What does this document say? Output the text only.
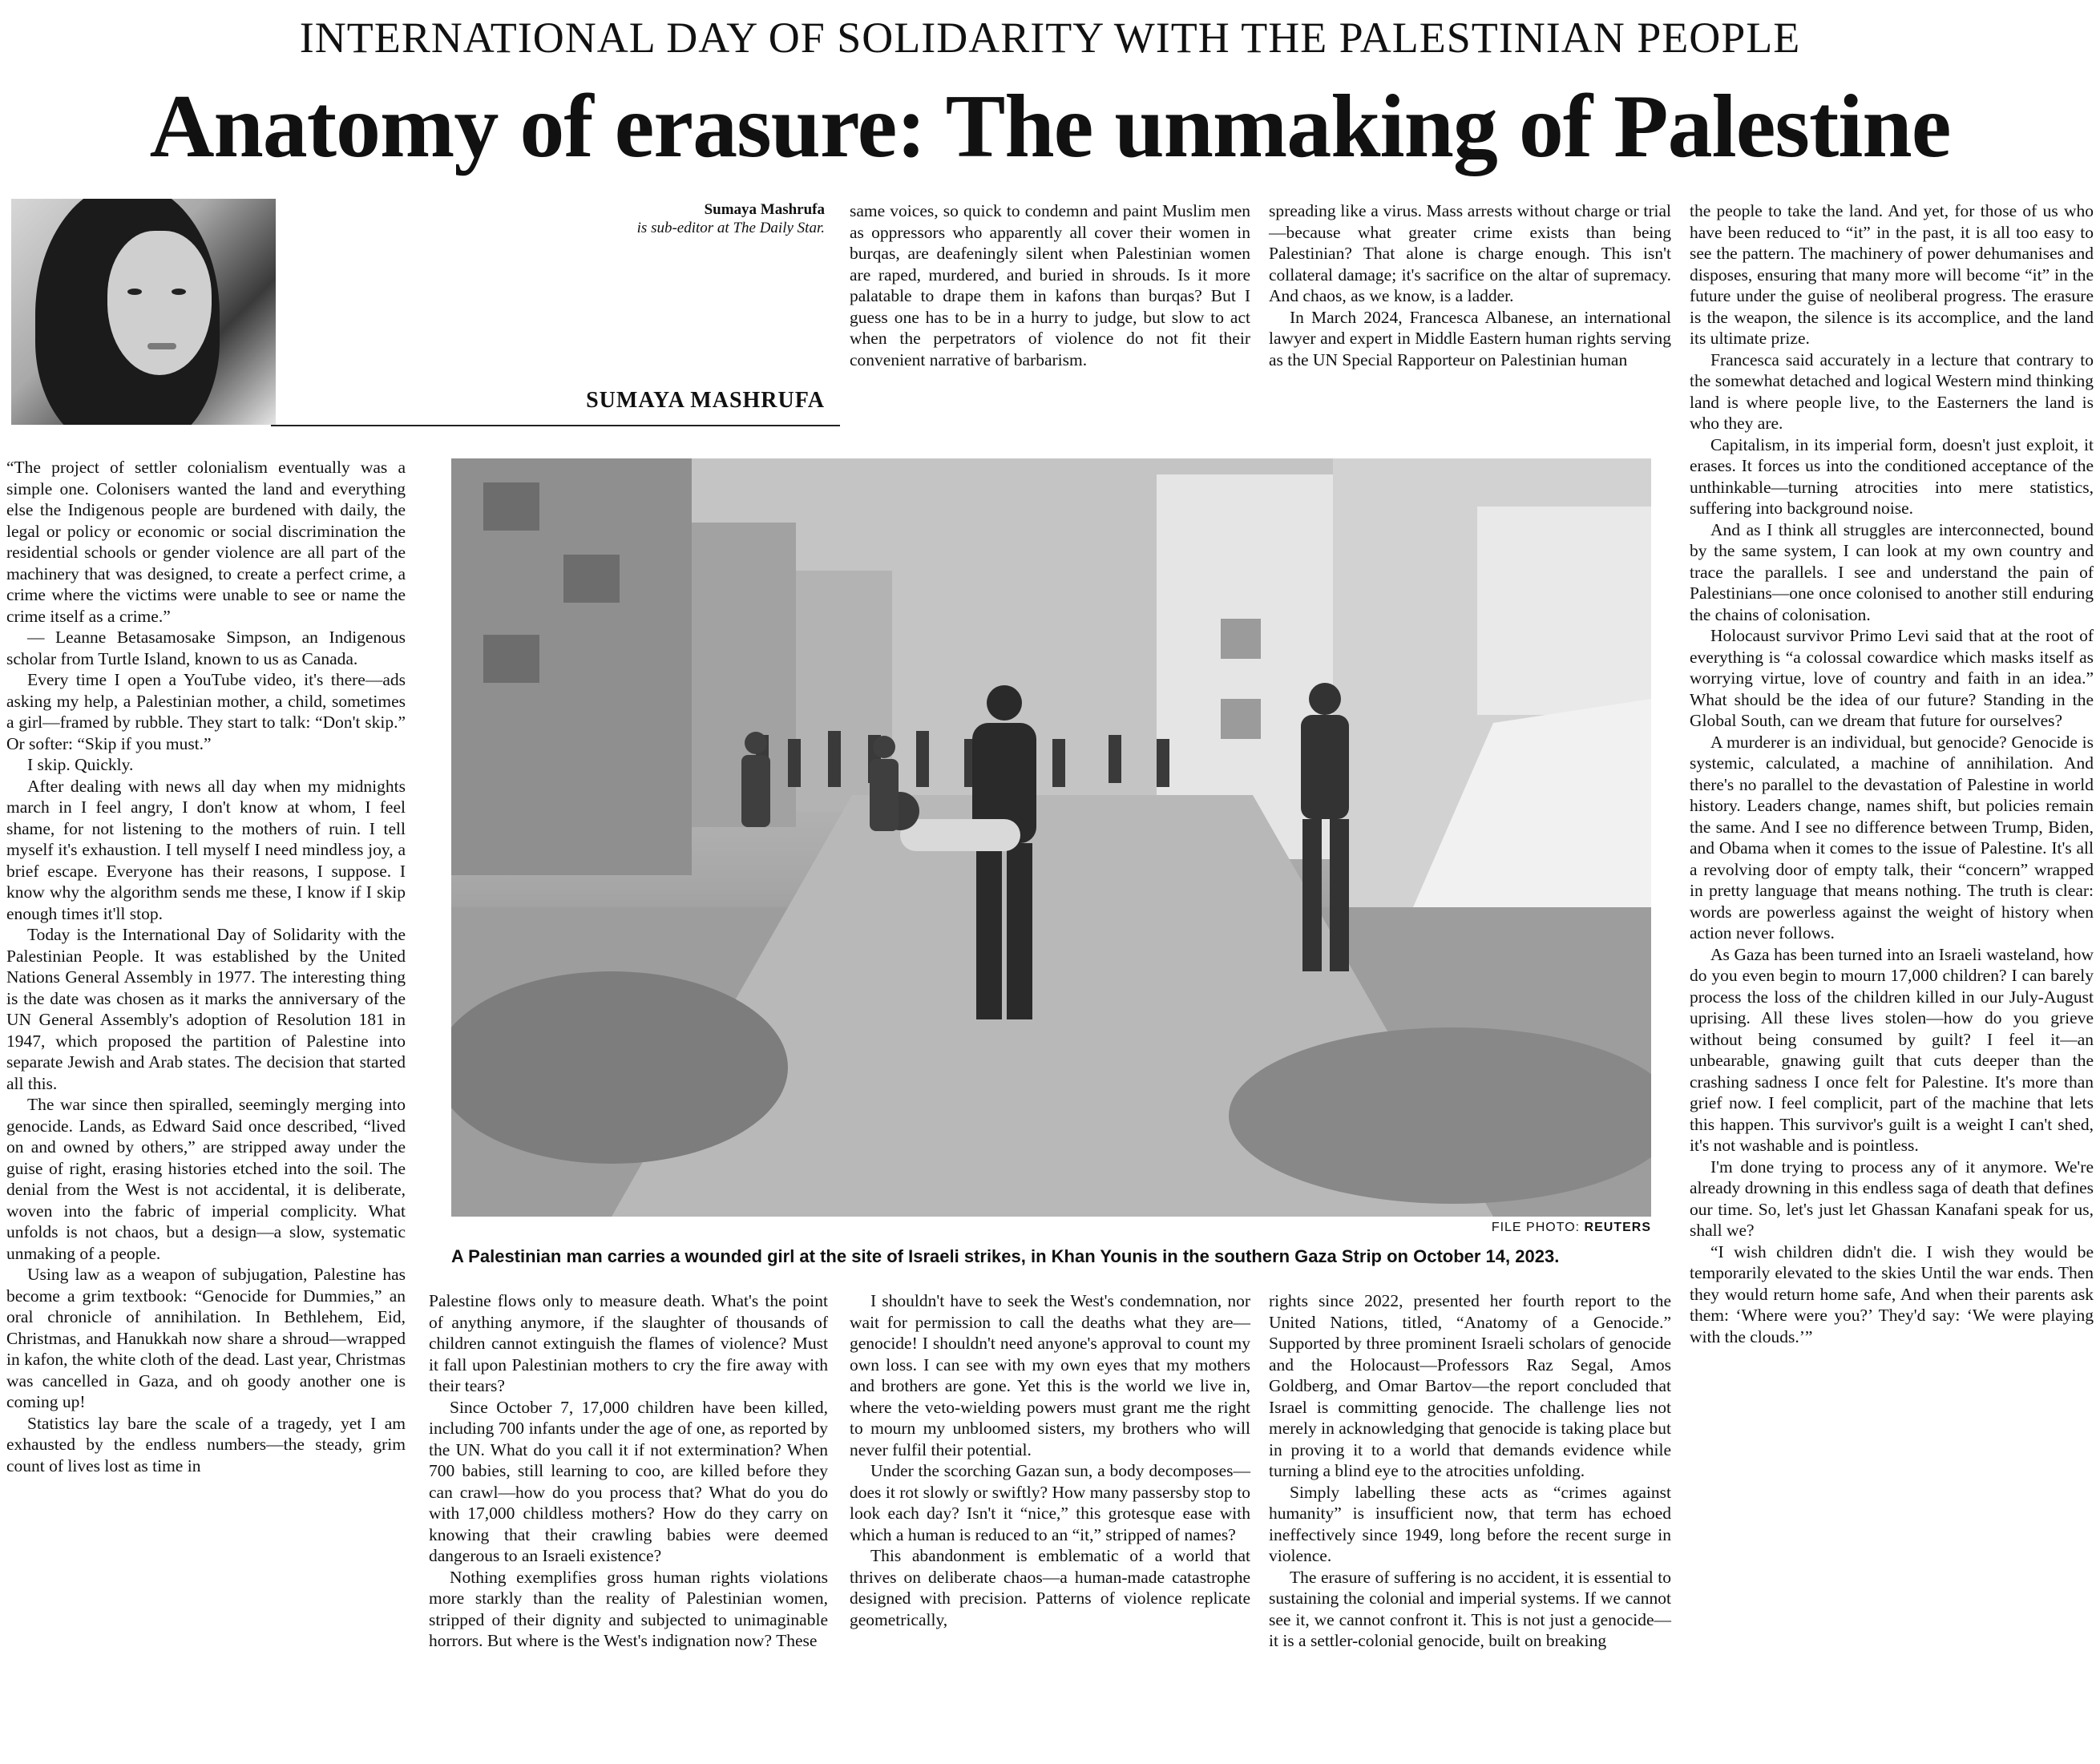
INTERNATIONAL DAY OF SOLIDARITY WITH THE PALESTINIAN PEOPLE
Anatomy of erasure: The unmaking of Palestine
Sumaya Mashrufa
is sub-editor at The Daily Star.
SUMAYA MASHRUFA

“The project of settler colonialism eventually was a simple one. Colonisers wanted the land and everything else the Indigenous people are burdened with daily, the legal or policy or economic or social discrimination the residential schools or gender violence are all part of the machinery that was designed, to create a perfect crime, a crime where the victims were unable to see or name the crime itself as a crime.”

— Leanne Betasamosake Simpson, an Indigenous scholar from Turtle Island, known to us as Canada.

Every time I open a YouTube video, it's there—ads asking my help, a Palestinian mother, a child, sometimes a girl—framed by rubble. They start to talk: “Don't skip.” Or softer: “Skip if you must.”

I skip. Quickly.

After dealing with news all day when my midnights march in I feel angry, I don't know at whom, I feel shame, for not listening to the mothers of ruin. I tell myself it's exhaustion. I tell myself I need mindless joy, a brief escape. Everyone has their reasons, I suppose. I know why the algorithm sends me these, I know if I skip enough times it'll stop.

Today is the International Day of Solidarity with the Palestinian People. It was established by the United Nations General Assembly in 1977. The interesting thing is the date was chosen as it marks the anniversary of the UN General Assembly's adoption of Resolution 181 in 1947, which proposed the partition of Palestine into separate Jewish and Arab states. The decision that started all this.

The war since then spiralled, seemingly merging into genocide. Lands, as Edward Said once described, “lived on and owned by others,” are stripped away under the guise of right, erasing histories etched into the soil. The denial from the West is not accidental, it is deliberate, woven into the fabric of imperial complicity. What unfolds is not chaos, but a design—a slow, systematic unmaking of a people.

Using law as a weapon of subjugation, Palestine has become a grim textbook: “Genocide for Dummies,” an oral chronicle of annihilation. In Bethlehem, Eid, Christmas, and Hanukkah now share a shroud—wrapped in kafon, the white cloth of the dead. Last year, Christmas was cancelled in Gaza, and oh goody another one is coming up!

Statistics lay bare the scale of a tragedy, yet I am exhausted by the endless numbers—the steady, grim count of lives lost as time in

same voices, so quick to condemn and paint Muslim men as oppressors who apparently all cover their women in burqas, are deafeningly silent when Palestinian women are raped, murdered, and buried in shrouds. Is it more palatable to drape them in kafons than burqas? But I guess one has to be in a hurry to judge, but slow to act when the perpetrators of violence do not fit their convenient narrative of barbarism.

spreading like a virus. Mass arrests without charge or trial—because what greater crime exists than being Palestinian? That alone is charge enough. This isn't collateral damage; it's sacrifice on the altar of supremacy. And chaos, as we know, is a ladder.

In March 2024, Francesca Albanese, an international lawyer and expert in Middle Eastern human rights serving as the UN Special Rapporteur on Palestinian human

the people to take the land. And yet, for those of us who have been reduced to “it” in the past, it is all too easy to see the pattern. The machinery of power dehumanises and disposes, ensuring that many more will become “it” in the future under the guise of neoliberal progress. The erasure is the weapon, the silence is its accomplice, and the land its ultimate prize.

Francesca said accurately in a lecture that contrary to the somewhat detached and logical Western mind thinking land is where people live, to the Easterners the land is who they are.

Capitalism, in its imperial form, doesn't just exploit, it erases. It forces us into the conditioned acceptance of the unthinkable—turning atrocities into mere statistics, suffering into background noise.

And as I think all struggles are interconnected, bound by the same system, I can look at my own country and trace the parallels. I see and understand the pain of Palestinians—one once colonised to another still enduring the chains of colonisation.

Holocaust survivor Primo Levi said that at the root of everything is “a colossal cowardice which masks itself as worrying virtue, love of country and faith in an idea.” What should be the idea of our future? Standing in the Global South, can we dream that future for ourselves?

A murderer is an individual, but genocide? Genocide is systemic, calculated, a machine of annihilation. And there's no parallel to the devastation of Palestine in world history. Leaders change, names shift, but policies remain the same. And I see no difference between Trump, Biden, and Obama when it comes to the issue of Palestine. It's all a revolving door of empty talk, their “concern” wrapped in pretty language that means nothing. The truth is clear: words are powerless against the weight of history when action never follows.

As Gaza has been turned into an Israeli wasteland, how do you even begin to mourn 17,000 children? I can barely process the loss of the children killed in our July-August uprising. All these lives stolen—how do you grieve without being consumed by guilt? I feel it—an unbearable, gnawing guilt that cuts deeper than the crashing sadness I once felt for Palestine. It's more than grief now. I feel complicit, part of the machine that lets this happen. This survivor's guilt is a weight I can't shed, it's not washable and is pointless.

I'm done trying to process any of it anymore. We're already drowning in this endless saga of death that defines our time. So, let's just let Ghassan Kanafani speak for us, shall we?

“I wish children didn't die. I wish they would be temporarily elevated to the skies Until the war ends. Then they would return home safe, And when their parents ask them: ‘Where were you?’ They'd say: ‘We were playing with the clouds.’”

FILE PHOTO: REUTERS
A Palestinian man carries a wounded girl at the site of Israeli strikes, in Khan Younis in the southern Gaza Strip on October 14, 2023.

Palestine flows only to measure death. What's the point of anything anymore, if the slaughter of thousands of children cannot extinguish the flames of violence? Must it fall upon Palestinian mothers to cry the fire away with their tears?

Since October 7, 17,000 children have been killed, including 700 infants under the age of one, as reported by the UN. What do you call it if not extermination? When 700 babies, still learning to coo, are killed before they can crawl—how do you process that? What do you do with 17,000 childless mothers? How do they carry on knowing that their crawling babies were deemed dangerous to an Israeli existence?

Nothing exemplifies gross human rights violations more starkly than the reality of Palestinian women, stripped of their dignity and subjected to unimaginable horrors. But where is the West's indignation now? These

I shouldn't have to seek the West's condemnation, nor wait for permission to call the deaths what they are—genocide! I shouldn't need anyone's approval to count my own loss. I can see with my own eyes that my mothers and brothers are gone. Yet this is the world we live in, where the veto-wielding powers must grant me the right to mourn my unbloomed sisters, my brothers who will never fulfil their potential.

Under the scorching Gazan sun, a body decomposes—does it rot slowly or swiftly? How many passersby stop to look each day? Isn't it “nice,” this grotesque ease with which a human is reduced to an “it,” stripped of names?

This abandonment is emblematic of a world that thrives on deliberate chaos—a human-made catastrophe designed with precision. Patterns of violence replicate geometrically,

rights since 2022, presented her fourth report to the United Nations, titled, “Anatomy of a Genocide.” Supported by three prominent Israeli scholars of genocide and the Holocaust—Professors Raz Segal, Amos Goldberg, and Omar Bartov—the report concluded that Israel is committing genocide. The challenge lies not merely in acknowledging that genocide is taking place but in proving it to a world that demands evidence while turning a blind eye to the atrocities unfolding.

Simply labelling these acts as “crimes against humanity” is insufficient now, that term has echoed ineffectively since 1949, long before the recent surge in violence.

The erasure of suffering is no accident, it is essential to sustaining the colonial and imperial systems. If we cannot see it, we cannot confront it. This is not just a genocide—it is a settler-colonial genocide, built on breaking
